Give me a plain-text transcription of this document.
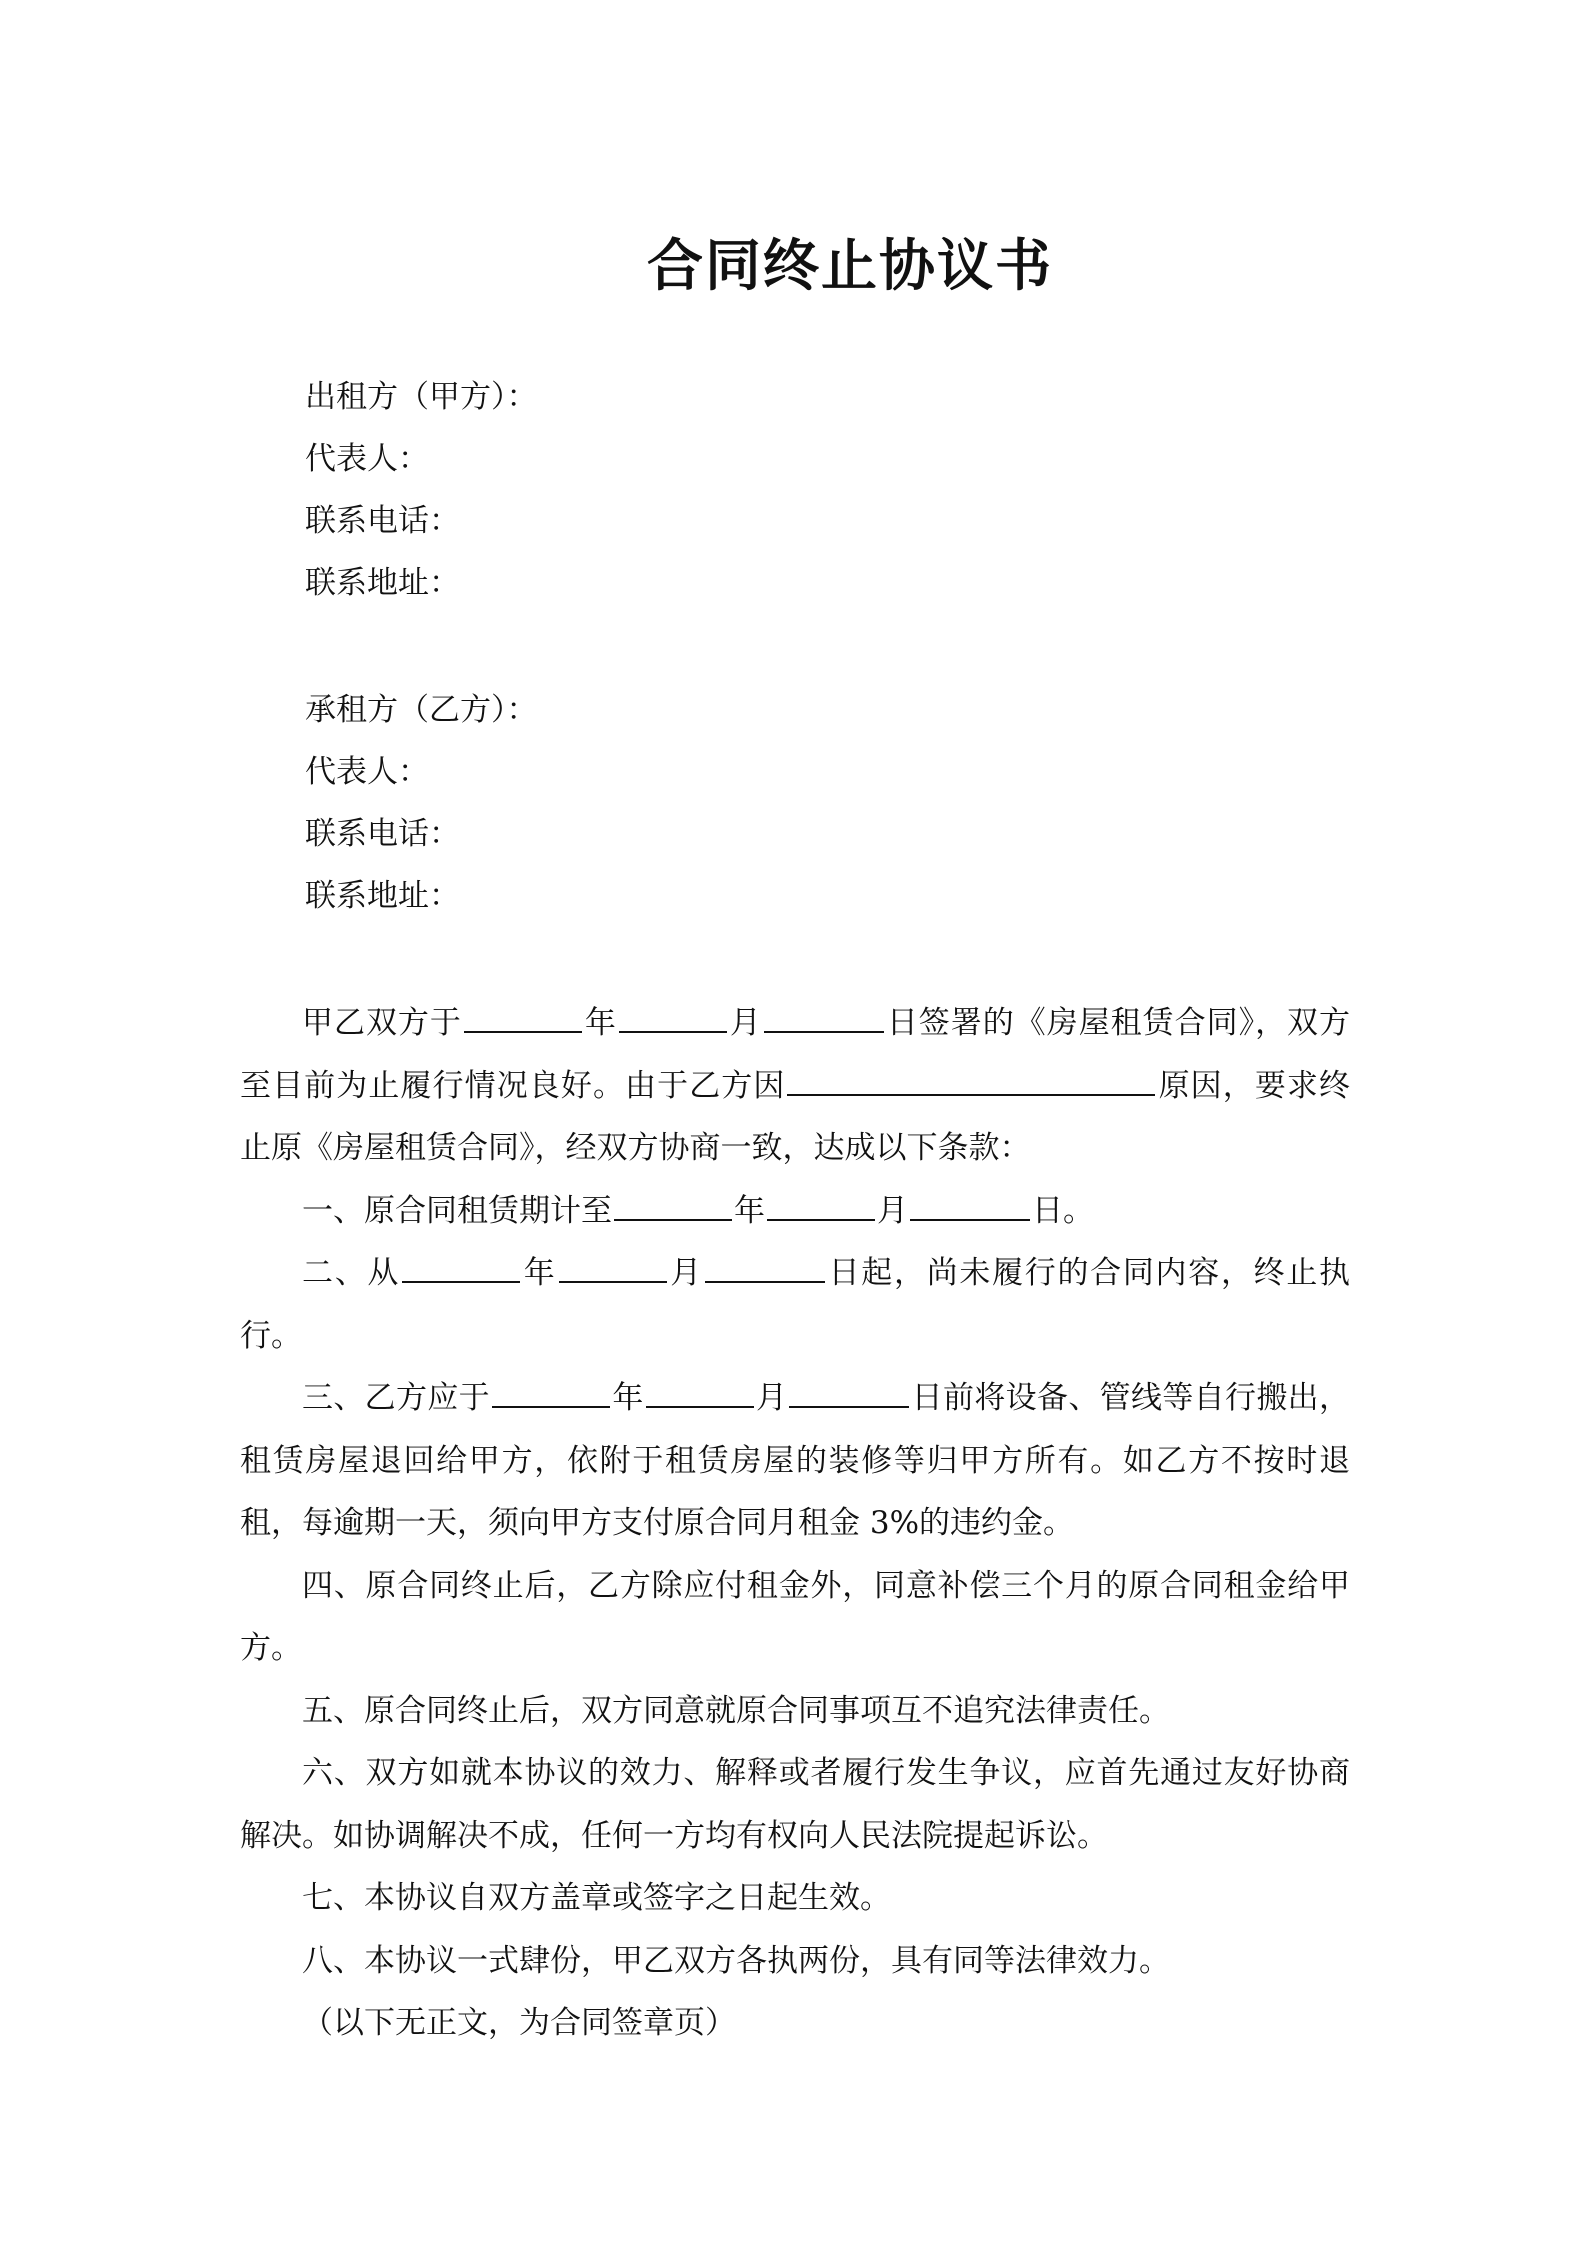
合同终止协议书
出租方（甲方）：
代表人：
联系电话：
联系地址：
承租方（乙方）：
代表人：
联系电话：
联系地址：

甲乙双方于	年	月	日签署的《房屋租赁合同》，双方至目前为止履行情况良好。由于乙方因	原因，要求终止原《房屋租赁合同》，经双方协商一致，达成以下条款：

一、原合同租赁期计至	年	月	日。

二、从	年	月	日起，尚未履行的合同内容，终止执行。

三、乙方应于	年	月	日前将设备、管线等自行搬出，租赁房屋退回给甲方，依附于租赁房屋的装修等归甲方所有。如乙方不按时退租，每逾期一天，须向甲方支付原合同月租金 3%的违约金。

四、原合同终止后，乙方除应付租金外，同意补偿三个月的原合同租金给甲方。

五、原合同终止后，双方同意就原合同事项互不追究法律责任。

六、双方如就本协议的效力、解释或者履行发生争议，应首先通过友好协商解决。如协调解决不成，任何一方均有权向人民法院提起诉讼。

七、本协议自双方盖章或签字之日起生效。

八、本协议一式肆份，甲乙双方各执两份，具有同等法律效力。

（以下无正文，为合同签章页）
